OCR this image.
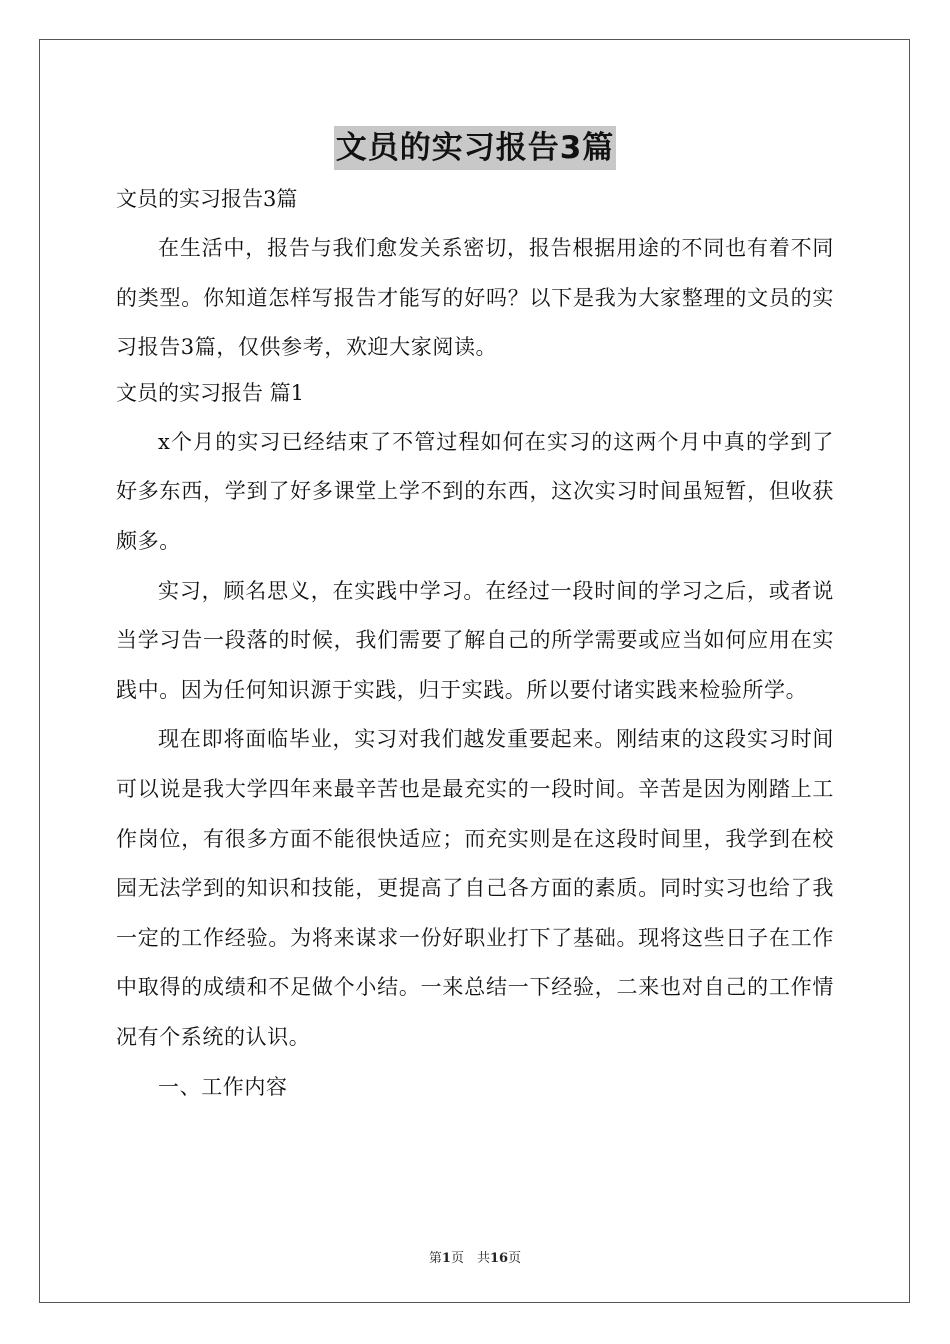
文员的实习报告3篇
文员的实习报告3篇
在生活中，报告与我们愈发关系密切，报告根据用途的不同也有着不同的类型。你知道怎样写报告才能写的好吗？以下是我为大家整理的文员的实习报告3篇，仅供参考，欢迎大家阅读。
文员的实习报告 篇1
x个月的实习已经结束了不管过程如何在实习的这两个月中真的学到了好多东西，学到了好多课堂上学不到的东西，这次实习时间虽短暂，但收获颇多。
实习，顾名思义，在实践中学习。在经过一段时间的学习之后，或者说当学习告一段落的时候，我们需要了解自己的所学需要或应当如何应用在实践中。因为任何知识源于实践，归于实践。所以要付诸实践来检验所学。
现在即将面临毕业，实习对我们越发重要起来。刚结束的这段实习时间可以说是我大学四年来最辛苦也是最充实的一段时间。辛苦是因为刚踏上工作岗位，有很多方面不能很快适应；而充实则是在这段时间里，我学到在校园无法学到的知识和技能，更提高了自己各方面的素质。同时实习也给了我一定的工作经验。为将来谋求一份好职业打下了基础。现将这些日子在工作中取得的成绩和不足做个小结。一来总结一下经验，二来也对自己的工作情况有个系统的认识。
一、工作内容
第1页　共16页
